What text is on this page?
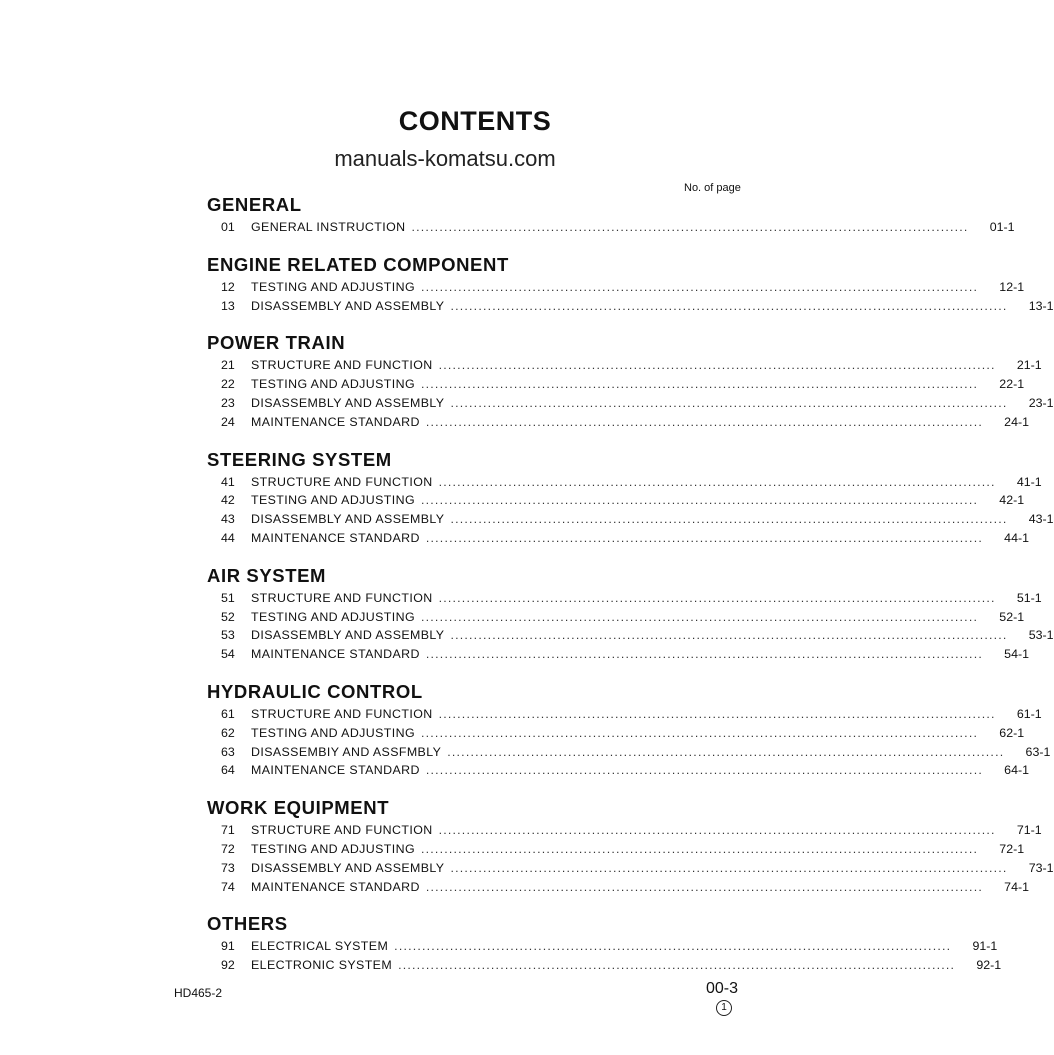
CONTENTS
manuals-komatsu.com
No. of page
GENERAL
01	GENERAL INSTRUCTION ........................................................................................................................	01-1
ENGINE RELATED COMPONENT
12	TESTING AND ADJUSTING ........................................................................................................................	12-1
13	DISASSEMBLY AND ASSEMBLY ........................................................................................................................	13-1
POWER TRAIN
21	STRUCTURE AND FUNCTION ........................................................................................................................	21-1
22	TESTING AND ADJUSTING ........................................................................................................................	22-1
23	DISASSEMBLY AND ASSEMBLY ........................................................................................................................	23-1
24	MAINTENANCE STANDARD ........................................................................................................................	24-1
STEERING SYSTEM
41	STRUCTURE AND FUNCTION ........................................................................................................................	41-1
42	TESTING AND ADJUSTING ........................................................................................................................	42-1
43	DISASSEMBLY AND ASSEMBLY ........................................................................................................................	43-1
44	MAINTENANCE STANDARD ........................................................................................................................	44-1
AIR SYSTEM
51	STRUCTURE AND FUNCTION ........................................................................................................................	51-1
52	TESTING AND ADJUSTING ........................................................................................................................	52-1
53	DISASSEMBLY AND ASSEMBLY ........................................................................................................................	53-1
54	MAINTENANCE STANDARD ........................................................................................................................	54-1
HYDRAULIC CONTROL
61	STRUCTURE AND FUNCTION ........................................................................................................................	61-1
62	TESTING AND ADJUSTING ........................................................................................................................	62-1
63	DISASSEMBIY AND ASSFMBLY ........................................................................................................................	63-1
64	MAINTENANCE STANDARD ........................................................................................................................	64-1
WORK EQUIPMENT
71	STRUCTURE AND FUNCTION ........................................................................................................................	71-1
72	TESTING AND ADJUSTING ........................................................................................................................	72-1
73	DISASSEMBLY AND ASSEMBLY ........................................................................................................................	73-1
74	MAINTENANCE STANDARD ........................................................................................................................	74-1
OTHERS
91	ELECTRICAL SYSTEM ........................................................................................................................	91-1
92	ELECTRONIC SYSTEM ........................................................................................................................	92-1
HD465-2	00-3
1
